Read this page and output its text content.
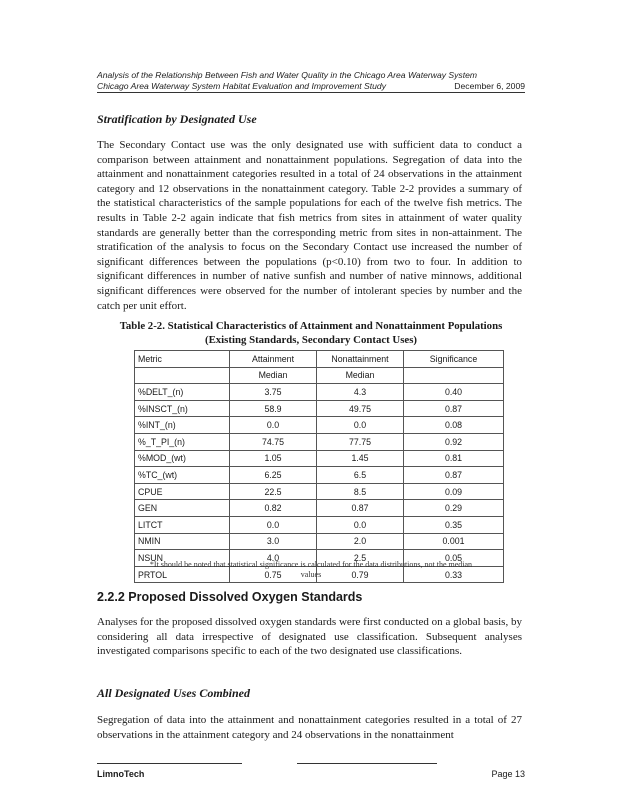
Analysis of the Relationship Between Fish and Water Quality in the Chicago Area Waterway System
Chicago Area Waterway System Habitat Evaluation and Improvement Study	December 6, 2009
Stratification by Designated Use

The Secondary Contact use was the only designated use with sufficient data to conduct a comparison between attainment and nonattainment populations. Segregation of data into the attainment and nonattainment categories resulted in a total of 24 observations in the attainment category and 12 observations in the nonattainment category. Table 2-2 provides a summary of the statistical characteristics of the sample populations for each of the twelve fish metrics. The results in Table 2-2 again indicate that fish metrics from sites in attainment of water quality standards are generally better than the corresponding metric from sites in non-attainment. The stratification of the analysis to focus on the Secondary Contact use increased the number of significant differences between the populations (p<0.10) from two to four. In addition to significant differences in number of native sunfish and number of native minnows, additional significant differences were observed for the number of intolerant species by number and the catch per unit effort.

Table 2-2. Statistical Characteristics of Attainment and Nonattainment Populations
(Existing Standards, Secondary Contact Uses)
Metric	Attainment	Nonattainment	Significance
	Median	Median	
%DELT_(n)	3.75	4.3	0.40
%INSCT_(n)	58.9	49.75	0.87
%INT_(n)	0.0	0.0	0.08
%_T_PI_(n)	74.75	77.75	0.92
%MOD_(wt)	1.05	1.45	0.81
%TC_(wt)	6.25	6.5	0.87
CPUE	22.5	8.5	0.09
GEN	0.82	0.87	0.29
LITCT	0.0	0.0	0.35
NMIN	3.0	2.0	0.001
NSUN	4.0	2.5	0.05
PRTOL	0.75	0.79	0.33
*It should be noted that statistical significance is calculated for the data distributions, not the median
values
2.2.2 Proposed Dissolved Oxygen Standards

Analyses for the proposed dissolved oxygen standards were first conducted on a global basis, by considering all data irrespective of designated use classification. Subsequent analyses investigated comparisons specific to each of the two designated use classifications.

All Designated Uses Combined

Segregation of data into the attainment and nonattainment categories resulted in a total of 27 observations in the attainment category and 24 observations in the nonattainment

LimnoTech	Page 13
